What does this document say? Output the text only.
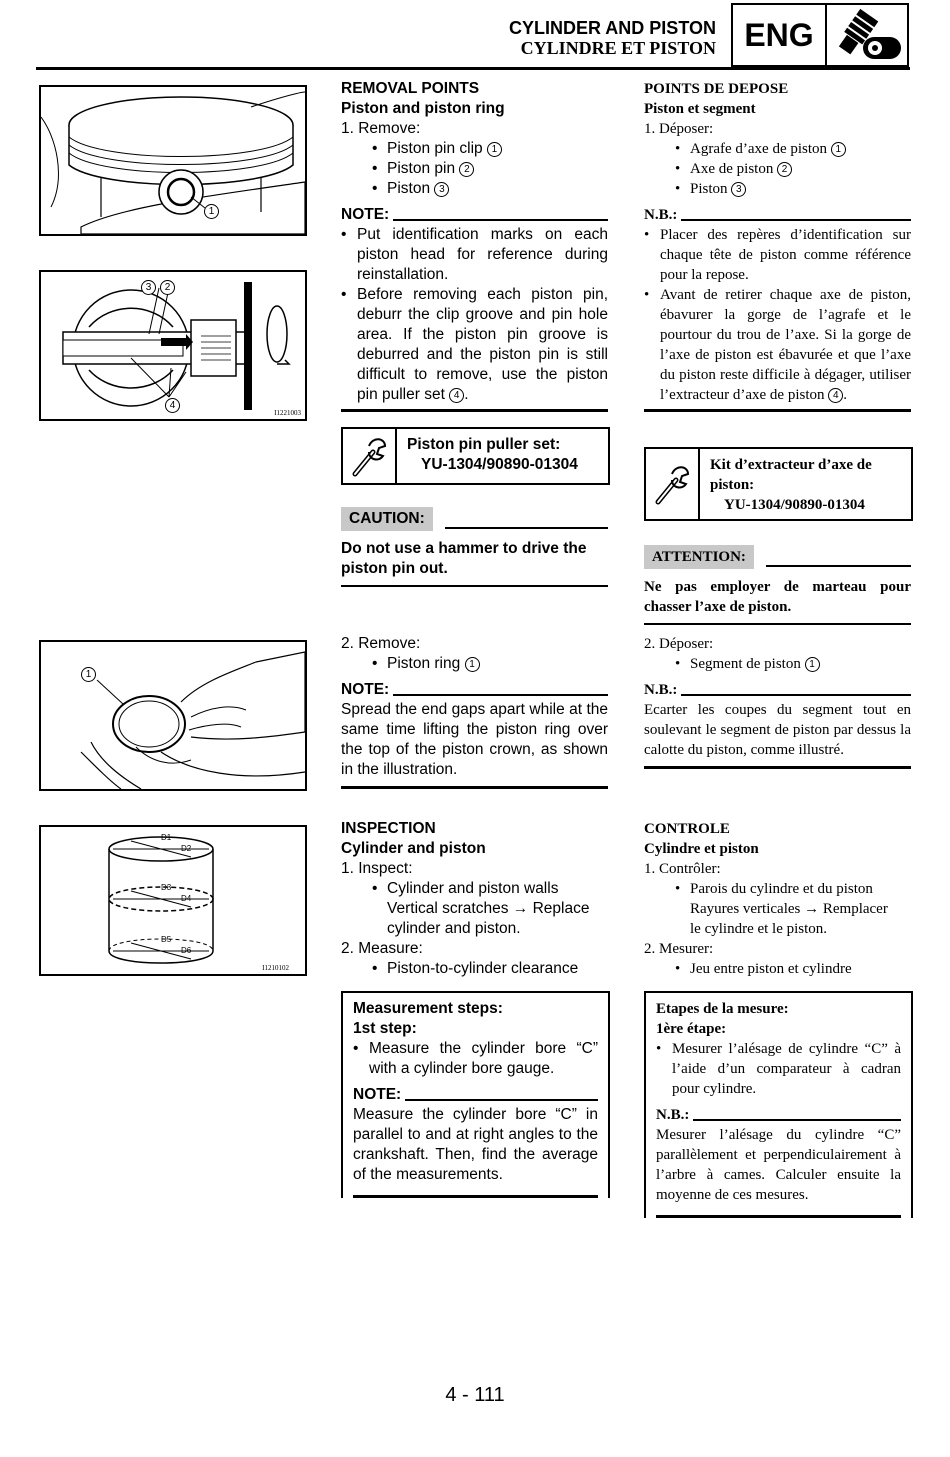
CYLINDER AND PISTON
CYLINDRE ET PISTON ENG
1
3	2
4
I1221003
1
D1
D2
D3
D4
D5
D6
I1210102

REMOVAL POINTS

Piston and piston ring

1. Remove:

• Piston pin clip 1

• Piston pin 2

• Piston 3

NOTE:
• Put identification marks on each piston head for reference during reinstallation.
• Before removing each piston pin, deburr the clip groove and pin hole area. If the piston pin groove is deburred and the piston pin is still difficult to remove, use the piston pin puller set 4 .
Piston pin puller set:
YU-1304/90890-01304
CAUTION:
Do not use a hammer to drive the piston pin out.

2. Remove:

• Piston ring 1

NOTE:
Spread the end gaps apart while at the same time lifting the piston ring over the top of the piston crown, as shown in the illustration.

INSPECTION

Cylinder and piston

1. Inspect:

• Cylinder and piston walls

Vertical scratches → Replace

cylinder and piston.

2. Measure:

• Piston-to-cylinder clearance

Measurement steps:
1st step:
• Measure the cylinder bore “C” with a cylinder bore gauge.
NOTE:
Measure the cylinder bore “C” in parallel to and at right angles to the crankshaft. Then, find the average of the measurements.

POINTS DE DEPOSE

Piston et segment

1. Déposer:

• Agrafe d’axe de piston 1

• Axe de piston 2

• Piston 3

N.B.:
• Placer des repères d’identification sur chaque tête de piston comme référence pour la repose.
• Avant de retirer chaque axe de piston, ébavurer la gorge de l’agrafe et le pourtour du trou de l’axe. Si la gorge de l’axe de piston est ébavurée et que l’axe du piston reste difficile à dégager, utiliser l’extracteur d’axe de piston 4 .
Kit d’extracteur d’axe de piston:
YU-1304/90890-01304
ATTENTION:
Ne pas employer de marteau pour chasser l’axe de piston.

2. Déposer:

• Segment de piston 1

N.B.:
Ecarter les coupes du segment tout en soulevant le segment de piston par dessus la calotte du piston, comme illustré.

CONTROLE

Cylindre et piston

1. Contrôler:

• Parois du cylindre et du piston

Rayures verticales → Remplacer

le cylindre et le piston.

2. Mesurer:

• Jeu entre piston et cylindre

Etapes de la mesure:
1ère étape:
• Mesurer l’alésage de cylindre “C” à l’aide d’un comparateur à cadran pour cylindre.
N.B.:
Mesurer l’alésage du cylindre “C” parallèlement et perpendiculairement à l’arbre à cames. Calculer ensuite la moyenne de ces mesures.
4 - 111
